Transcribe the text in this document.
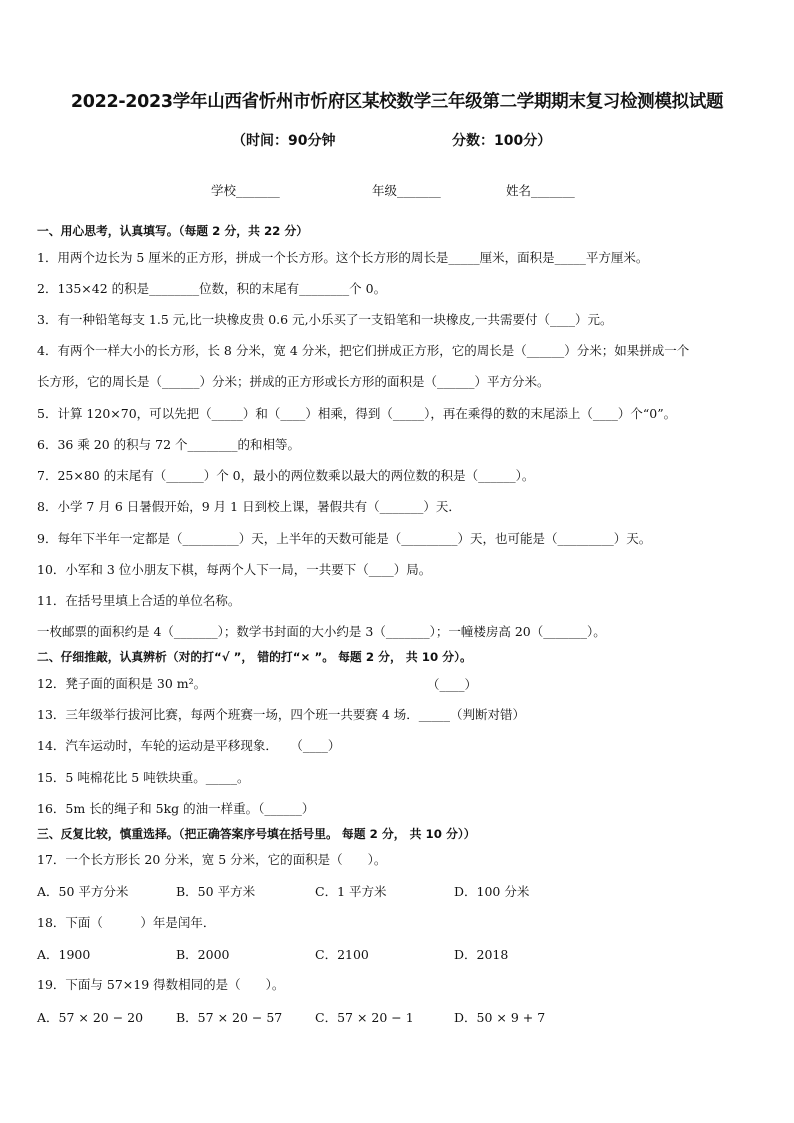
2022-2023学年山西省忻州市忻府区某校数学三年级第二学期期末复习检测模拟试题
（时间：90分钟	分数：100分）
学校_______	年级_______	姓名_______
一、用心思考，认真填写。（每题 2 分，共 22 分）
1．用两个边长为 5 厘米的正方形，拼成一个长方形。这个长方形的周长是_____厘米，面积是_____平方厘米。
2．135×42 的积是________位数，积的末尾有________个 0。
3．有一种铅笔每支 1.5 元,比一块橡皮贵 0.6 元,小乐买了一支铅笔和一块橡皮,一共需要付（____）元。
4．有两个一样大小的长方形，长 8 分米，宽 4 分米，把它们拼成正方形，它的周长是（______）分米；如果拼成一个
长方形，它的周长是（______）分米；拼成的正方形或长方形的面积是（______）平方分米。
5．计算 120×70，可以先把（_____）和（____）相乘，得到（_____），再在乘得的数的末尾添上（____）个“0”。
6．36 乘 20 的积与 72 个________的和相等。
7．25×80 的末尾有（______）个 0，最小的两位数乘以最大的两位数的积是（______）。
8．小学 7 月 6 日暑假开始，9 月 1 日到校上课，暑假共有（_______）天．
9．每年下半年一定都是（_________）天，上半年的天数可能是（_________）天，也可能是（_________）天。
10．小军和 3 位小朋友下棋，每两个人下一局，一共要下（____）局。
11．在括号里填上合适的单位名称。
一枚邮票的面积约是 4（_______）；数学书封面的大小约是 3（_______）；一幢楼房高 20（_______）。
二、仔细推敲，认真辨析（对的打“√ ”， 错的打“× ”。 每题 2 分， 共 10 分）。
12．凳子面的面积是 30 m²。	（____）
13．三年级举行拔河比赛，每两个班赛一场，四个班一共要赛 4 场．_____（判断对错）
14．汽车运动时，车轮的运动是平移现象．　　（____）
15．5 吨棉花比 5 吨铁块重。_____。
16．5m 长的绳子和 5kg 的油一样重。（______）
三、反复比较，慎重选择。（把正确答案序号填在括号里。 每题 2 分， 共 10 分））
17．一个长方形长 20 分米，宽 5 分米，它的面积是（　　）。
A．50 平方分米	B．50 平方米	C．1 平方米	D．100 分米
18．下面（　　　）年是闰年．
A．1900	B．2000	C．2100	D．2018
19．下面与 57×19 得数相同的是（　　）。
A．57 × 20 − 20	B．57 × 20 − 57	C．57 × 20 − 1	D．50 × 9 + 7
